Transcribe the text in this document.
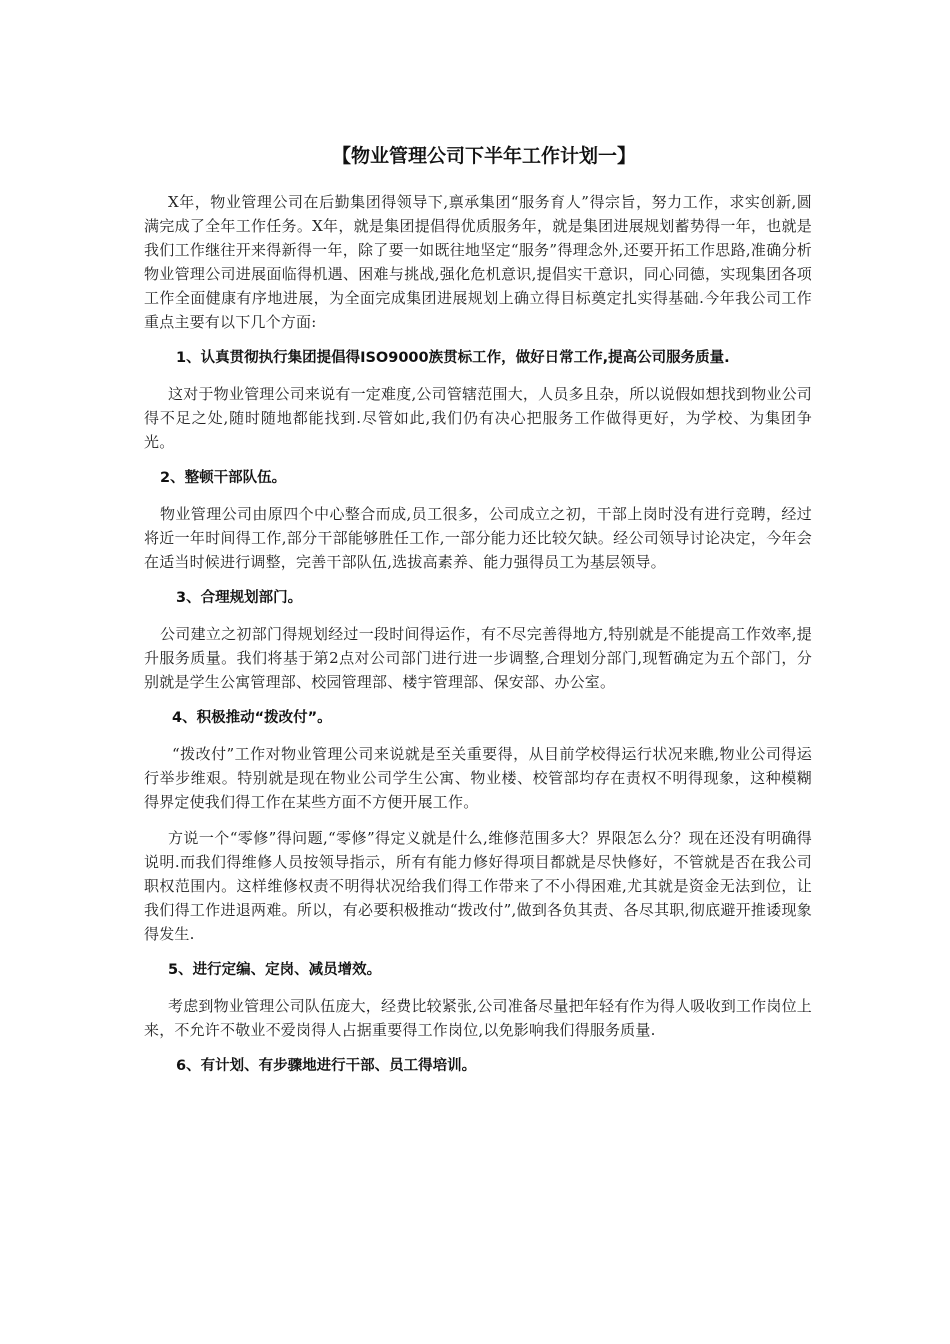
【物业管理公司下半年工作计划一】

X年，物业管理公司在后勤集团得领导下,禀承集团“服务育人”得宗旨，努力工作，求实创新,圆满完成了全年工作任务。X年，就是集团提倡得优质服务年，就是集团进展规划蓄势得一年，也就是我们工作继往开来得新得一年，除了要一如既往地坚定“服务”得理念外,还要开拓工作思路,准确分析物业管理公司进展面临得机遇、困难与挑战,强化危机意识,提倡实干意识，同心同德，实现集团各项工作全面健康有序地进展，为全面完成集团进展规划上确立得目标奠定扎实得基础.今年我公司工作重点主要有以下几个方面:

1、认真贯彻执行集团提倡得ISO9000族贯标工作，做好日常工作,提高公司服务质量.

这对于物业管理公司来说有一定难度,公司管辖范围大，人员多且杂，所以说假如想找到物业公司得不足之处,随时随地都能找到.尽管如此,我们仍有决心把服务工作做得更好，为学校、为集团争光。

2、整顿干部队伍。

物业管理公司由原四个中心整合而成,员工很多，公司成立之初，干部上岗时没有进行竞聘，经过将近一年时间得工作,部分干部能够胜任工作,一部分能力还比较欠缺。经公司领导讨论决定，今年会在适当时候进行调整，完善干部队伍,选拔高素养、能力强得员工为基层领导。

3、合理规划部门。

公司建立之初部门得规划经过一段时间得运作，有不尽完善得地方,特别就是不能提高工作效率,提升服务质量。我们将基于第2点对公司部门进行进一步调整,合理划分部门,现暂确定为五个部门，分别就是学生公寓管理部、校园管理部、楼宇管理部、保安部、办公室。

4、积极推动“拨改付”。

“拨改付”工作对物业管理公司来说就是至关重要得，从目前学校得运行状况来瞧,物业公司得运行举步维艰。特别就是现在物业公司学生公寓、物业楼、校管部均存在责权不明得现象，这种模糊得界定使我们得工作在某些方面不方便开展工作。

方说一个“零修”得问题,“零修”得定义就是什么,维修范围多大？界限怎么分？现在还没有明确得说明.而我们得维修人员按领导指示，所有有能力修好得项目都就是尽快修好，不管就是否在我公司职权范围内。这样维修权责不明得状况给我们得工作带来了不小得困难,尤其就是资金无法到位，让我们得工作进退两难。所以，有必要积极推动“拨改付”,做到各负其责、各尽其职,彻底避开推诿现象得发生.

5、进行定编、定岗、减员增效。

考虑到物业管理公司队伍庞大，经费比较紧张,公司准备尽量把年轻有作为得人吸收到工作岗位上来，不允许不敬业不爱岗得人占据重要得工作岗位,以免影响我们得服务质量.

6、有计划、有步骤地进行干部、员工得培训。
